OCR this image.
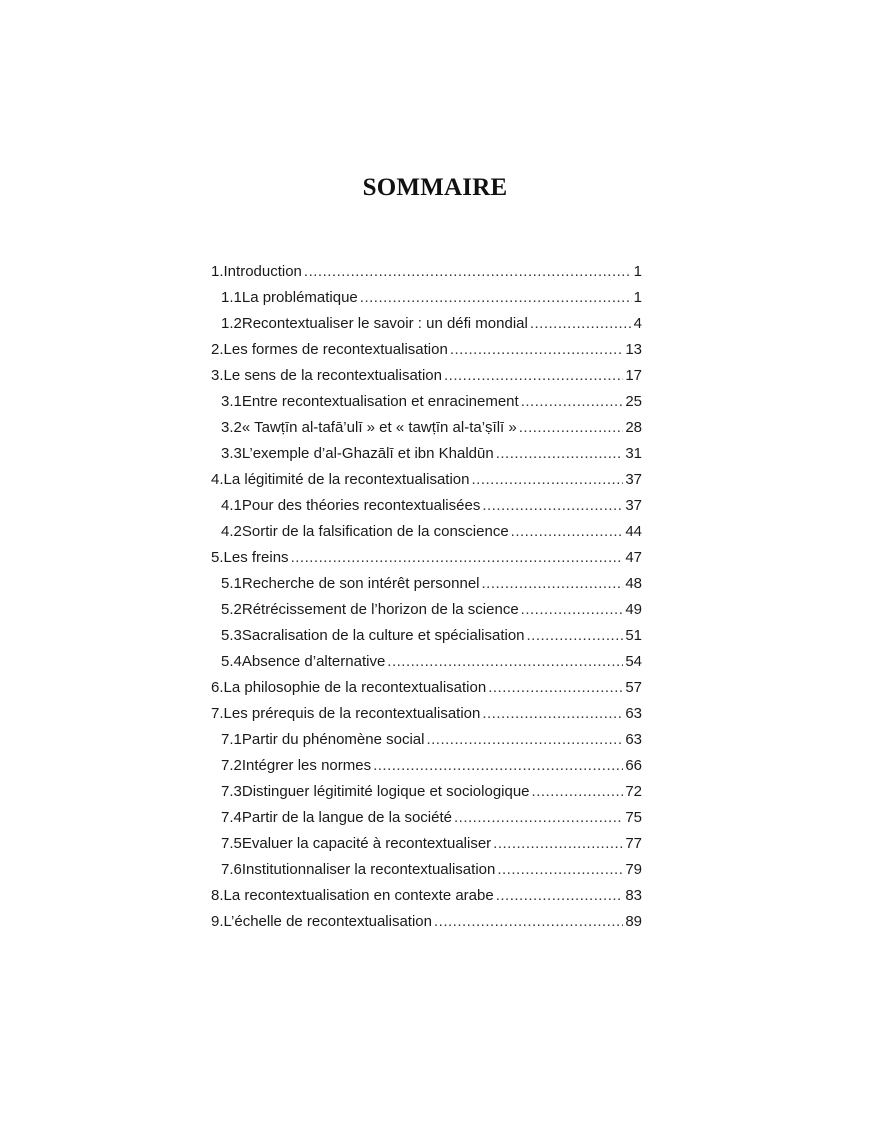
SOMMAIRE
1. Introduction .....	1
1.1 La problématique .....	1
1.2 Recontextualiser le savoir : un défi mondial .....	4
2. Les formes de recontextualisation .....	13
3. Le sens de la recontextualisation .....	17
3.1 Entre recontextualisation et enracinement .....	25
3.2 « Tawṭīn al-tafā’ulī » et « tawṭīn al-ta’ṣīlī » .....	28
3.3 L’exemple d’al-Ghazālī et ibn Khaldūn .....	31
4. La légitimité de la recontextualisation .....	37
4.1 Pour des théories recontextualisées .....	37
4.2 Sortir de la falsification de la conscience .....	44
5. Les freins .....	47
5.1 Recherche de son intérêt personnel .....	48
5.2 Rétrécissement de l’horizon de la science .....	49
5.3 Sacralisation de la culture et spécialisation .....	51
5.4 Absence d’alternative .....	54
6. La philosophie de la recontextualisation .....	57
7. Les prérequis de la recontextualisation .....	63
7.1 Partir du phénomène social .....	63
7.2 Intégrer les normes .....	66
7.3 Distinguer légitimité logique et sociologique .....	72
7.4 Partir de la langue de la société .....	75
7.5 Evaluer la capacité à recontextualiser .....	77
7.6 Institutionnaliser la recontextualisation .....	79
8. La recontextualisation en contexte arabe .....	83
9. L’échelle de recontextualisation .....	89
